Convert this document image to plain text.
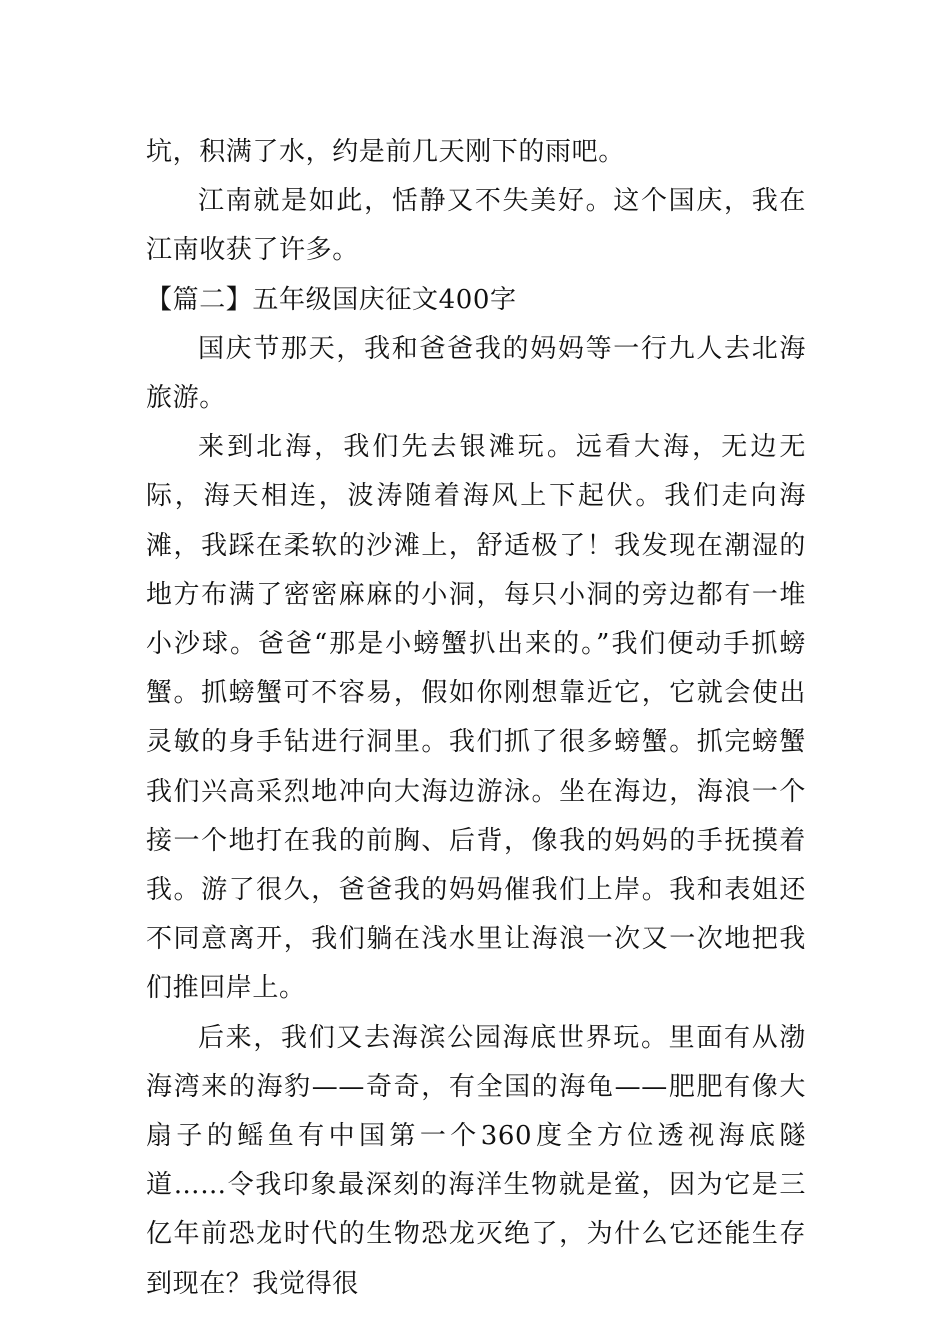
坑，积满了水，约是前几天刚下的雨吧。

江南就是如此，恬静又不失美好。这个国庆，我在江南收获了许多。

【篇二】五年级国庆征文400字

国庆节那天，我和爸爸我的妈妈等一行九人去北海旅游。

来到北海，我们先去银滩玩。远看大海，无边无际，海天相连，波涛随着海风上下起伏。我们走向海滩，我踩在柔软的沙滩上，舒适极了！我发现在潮湿的地方布满了密密麻麻的小洞，每只小洞的旁边都有一堆小沙球。爸爸“那是小螃蟹扒出来的。”我们便动手抓螃蟹。抓螃蟹可不容易，假如你刚想靠近它，它就会使出灵敏的身手钻进行洞里。我们抓了很多螃蟹。抓完螃蟹我们兴高采烈地冲向大海边游泳。坐在海边，海浪一个接一个地打在我的前胸、后背，像我的妈妈的手抚摸着我。游了很久，爸爸我的妈妈催我们上岸。我和表姐还不同意离开，我们躺在浅水里让海浪一次又一次地把我们推回岸上。

后来，我们又去海滨公园海底世界玩。里面有从渤海湾来的海豹——奇奇，有全国的海龟——肥肥有像大扇子的鳐鱼有中国第一个360度全方位透视海底隧道……令我印象最深刻的海洋生物就是鲎，因为它是三亿年前恐龙时代的生物恐龙灭绝了，为什么它还能生存到现在？我觉得很
